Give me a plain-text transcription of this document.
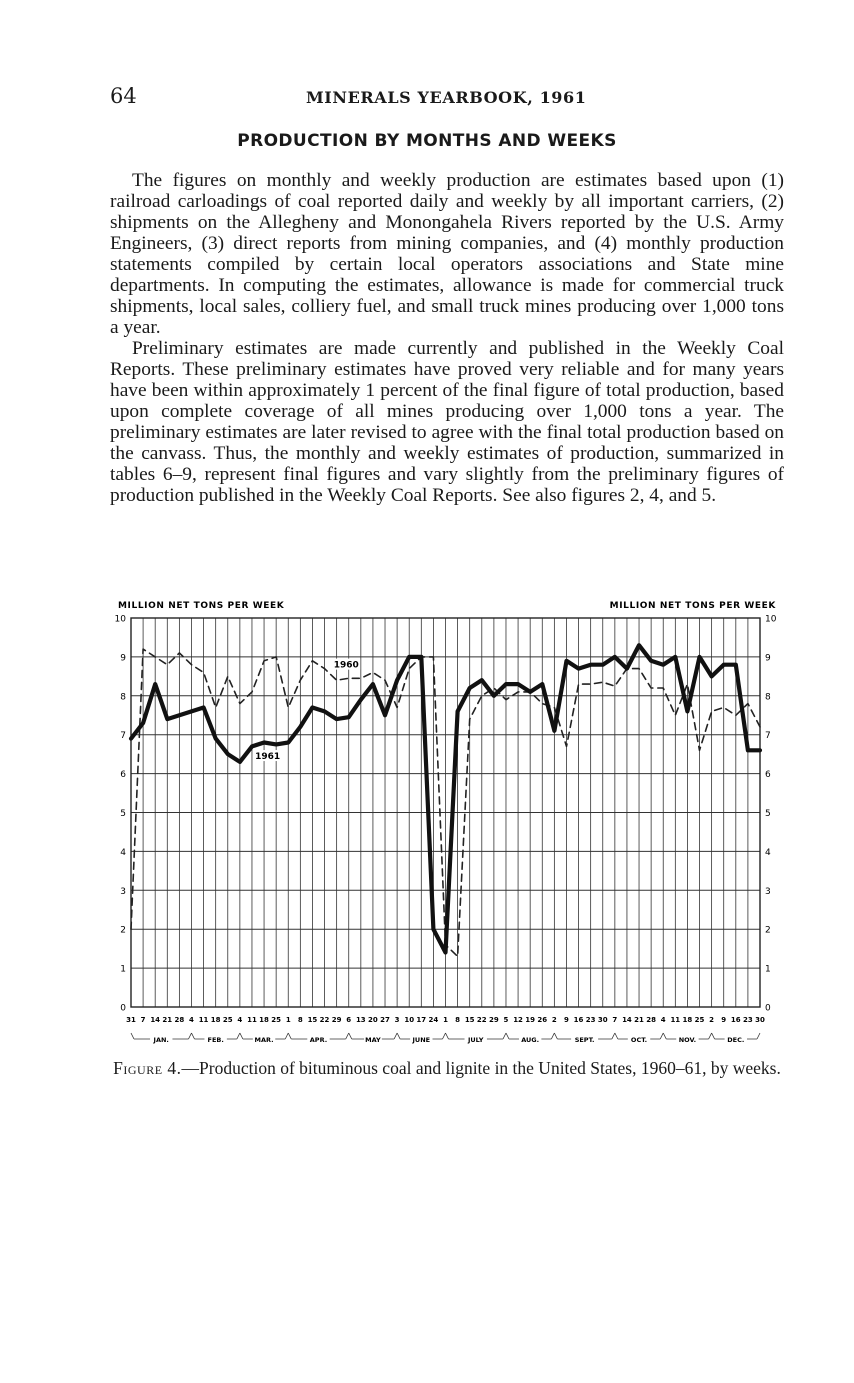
64	MINERALS YEARBOOK, 1961
PRODUCTION BY MONTHS AND WEEKS

The figures on monthly and weekly production are estimates based upon (1) railroad carloadings of coal reported daily and weekly by all important carriers, (2) shipments on the Allegheny and Monongahela Rivers reported by the U.S. Army Engineers, (3) direct reports from mining companies, and (4) monthly production statements compiled by certain local operators associations and State mine departments. In computing the estimates, allowance is made for commercial truck shipments, local sales, colliery fuel, and small truck mines producing over 1,000 tons a year.

Preliminary estimates are made currently and published in the Weekly Coal Reports. These preliminary estimates have proved very reliable and for many years have been within approximately 1 percent of the final figure of total production, based upon complete coverage of all mines producing over 1,000 tons a year. The preliminary estimates are later revised to agree with the final total production based on the canvass. Thus, the monthly and weekly estimates of production, summarized in tables 6–9, represent final figures and vary slightly from the preliminary figures of production published in the Weekly Coal Reports. See also figures 2, 4, and 5.

MILLION NET TONS PER WEEK	MILLION NET TONS PER WEEK
0	0
1	1
2	2
3	3
4	4
5	5
6	6
7	7
8	8
9	9
10	10
31 7 14 21 28 4 11 18 25 4 11 18 25 1 8 15 22 29 6 13 20 27 3 10 17 24 1 8 15 22 29 5 12 19 26 2 9 16 23 30 7 14 21 28 4 11 18 25 2 9 16 23 30
JAN.	FEB.	MAR.	APR.	MAY	JUNE	JULY	AUG.	SEPT.	OCT.	NOV.	DEC.
1960
1961
Figure 4.—Production of bituminous coal and lignite in the United States, 1960–61, by weeks.
